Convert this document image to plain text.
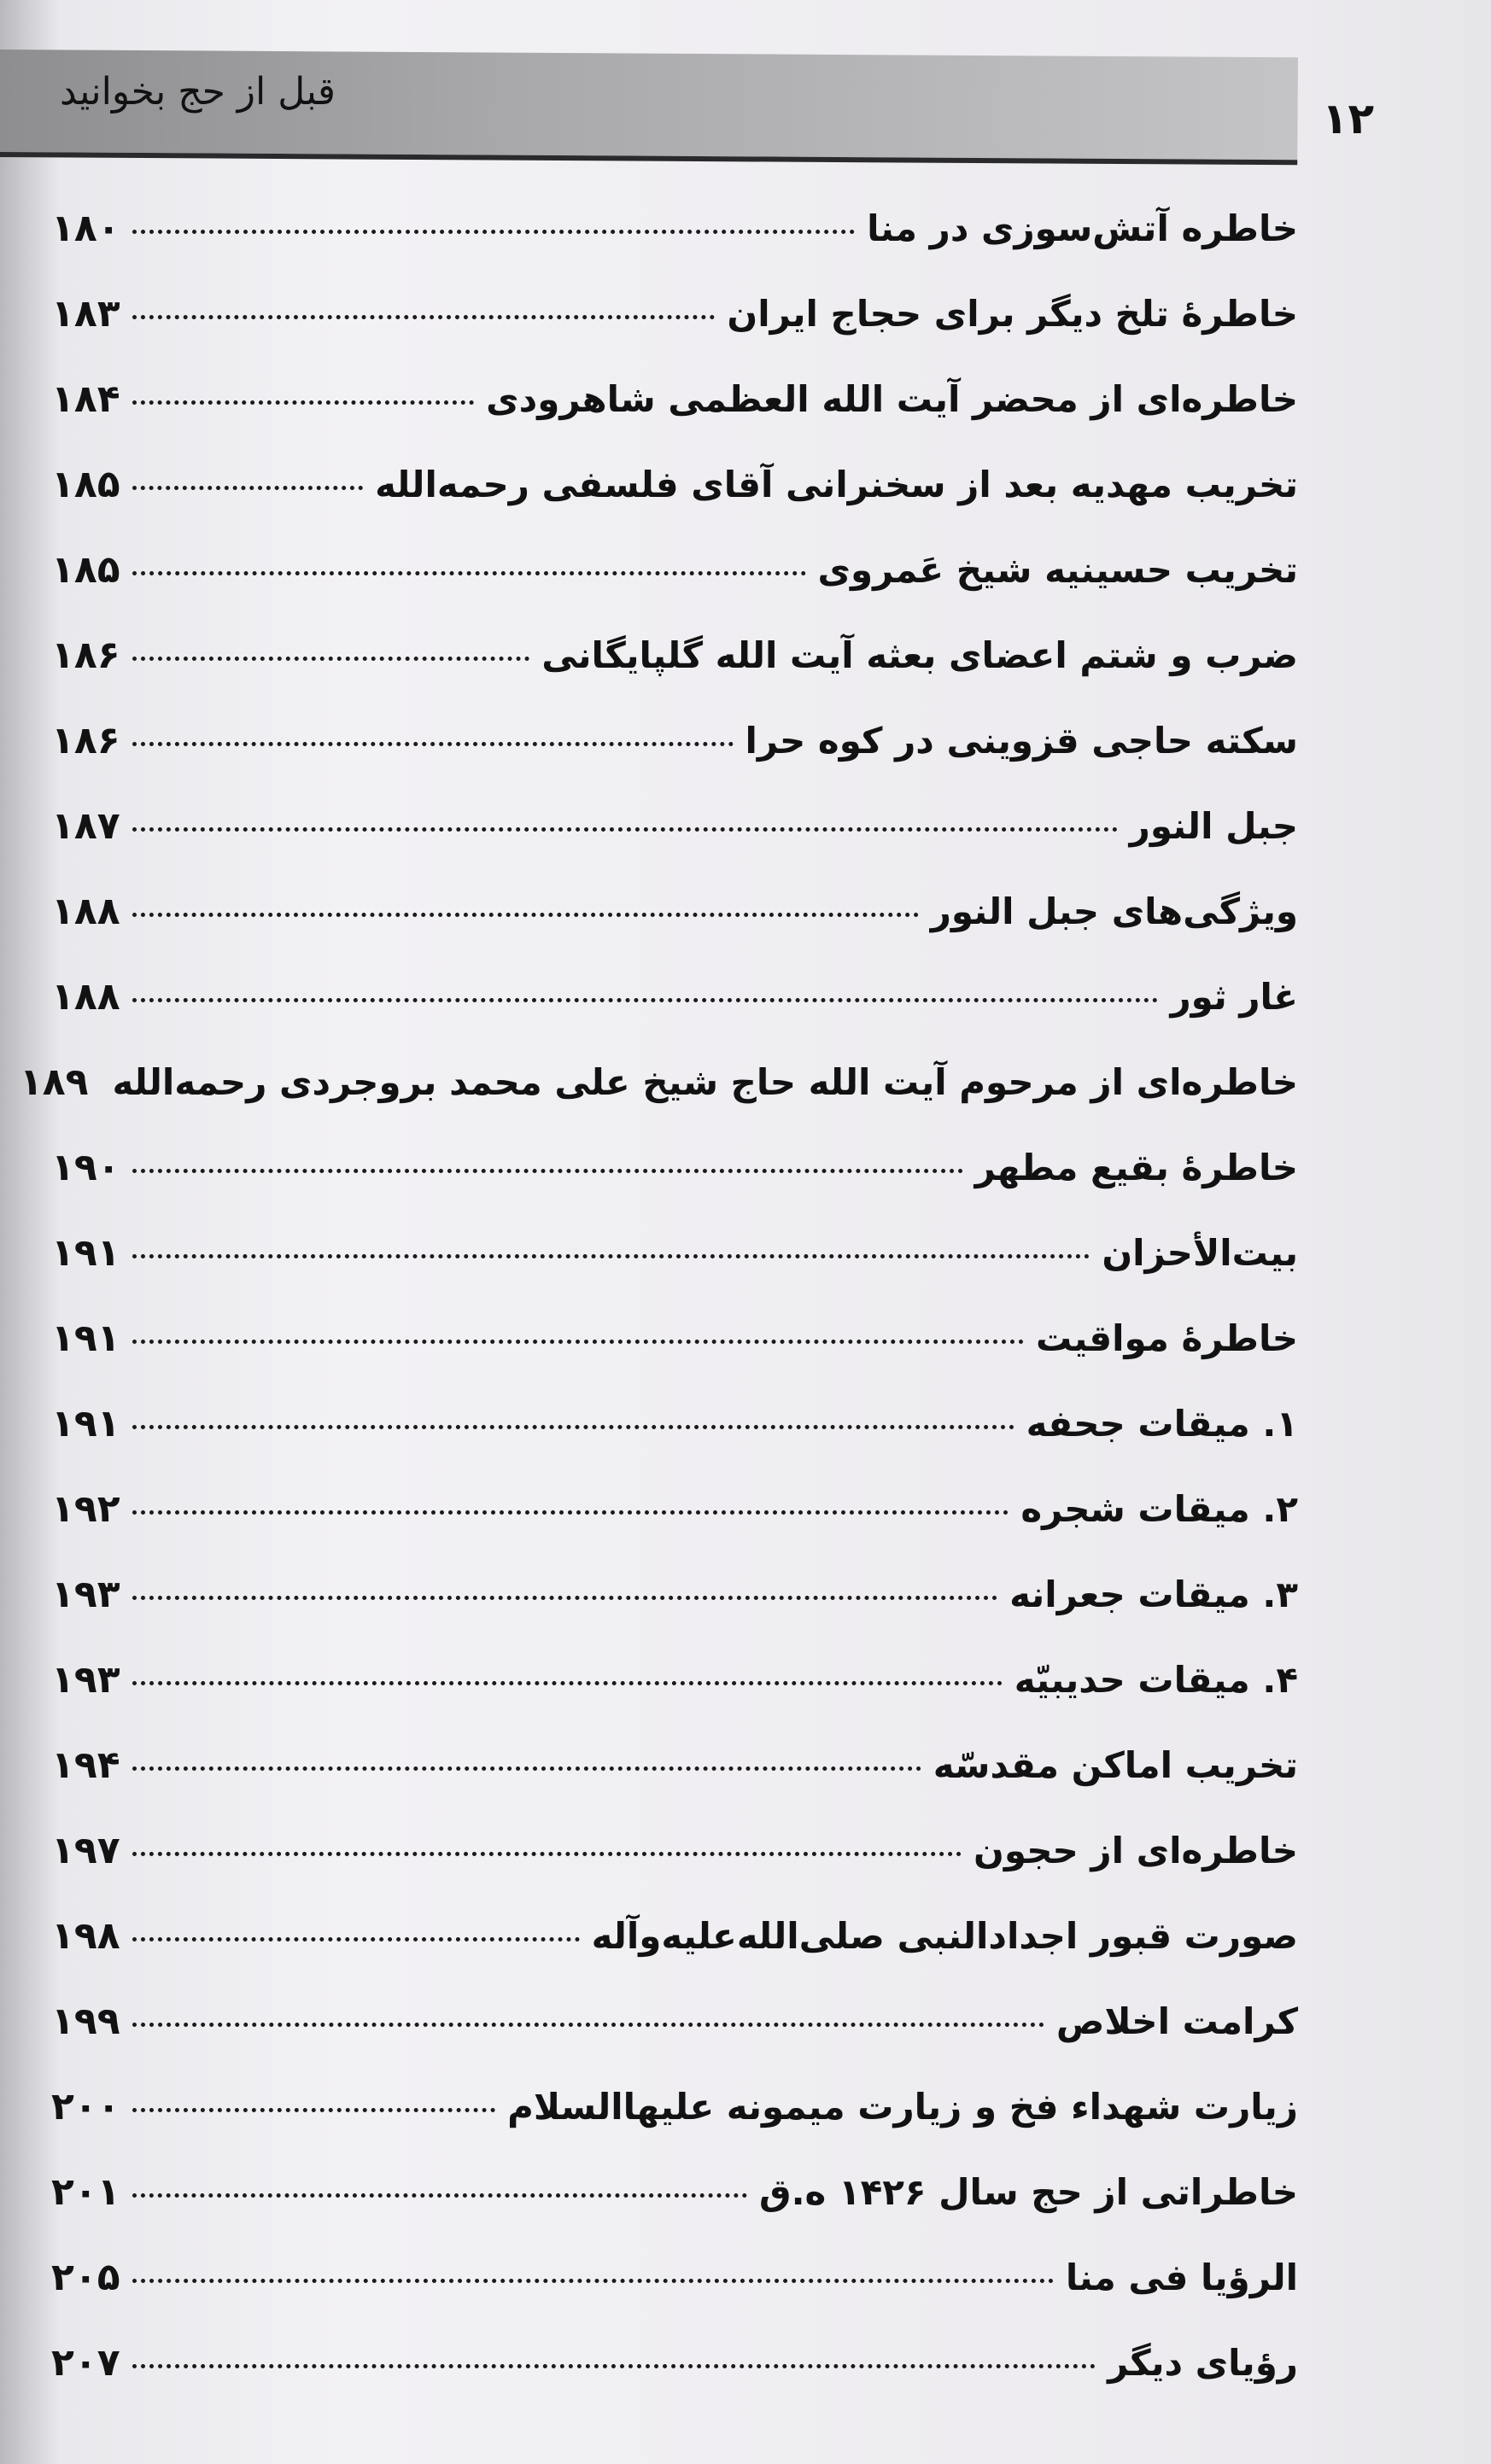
قبل از حج بخوانید
۱۲
خاطره آتش‌سوزی در منا
۱۸۰
خاطرهٔ تلخ دیگر برای حجاج ایران
۱۸۳
خاطره‌ای از محضر آیت الله العظمی شاهرودی
۱۸۴
تخریب مهدیه بعد از سخنرانی آقای فلسفی رحمه‌الله
۱۸۵
تخریب حسینیه شیخ عَمروی
۱۸۵
ضرب و شتم اعضای بعثه آیت الله گلپایگانی
۱۸۶
سکته حاجی قزوینی در کوه حرا
۱۸۶
جبل النور
۱۸۷
ویژگی‌های جبل النور
۱۸۸
غار ثور
۱۸۸
خاطره‌ای از مرحوم آیت الله حاج شیخ علی محمد بروجردی رحمه‌الله
۱۸۹
خاطرهٔ بقیع مطهر
۱۹۰
بیت‌الأحزان
۱۹۱
خاطرهٔ مواقیت
۱۹۱
۱. میقات جحفه
۱۹۱
۲. میقات شجره
۱۹۲
۳. میقات جعرانه
۱۹۳
۴. میقات حدیبیّه
۱۹۳
تخریب اماکن مقدسّه
۱۹۴
خاطره‌ای از حجون
۱۹۷
صورت قبور اجدادالنبی صلی‌الله‌علیه‌وآله
۱۹۸
کرامت اخلاص
۱۹۹
زیارت شهداء فخ و زیارت میمونه علیهاالسلام
۲۰۰
خاطراتی از حج سال ۱۴۲۶ ه.ق
۲۰۱
الرؤیا فی منا
۲۰۵
رؤیای دیگر
۲۰۷
